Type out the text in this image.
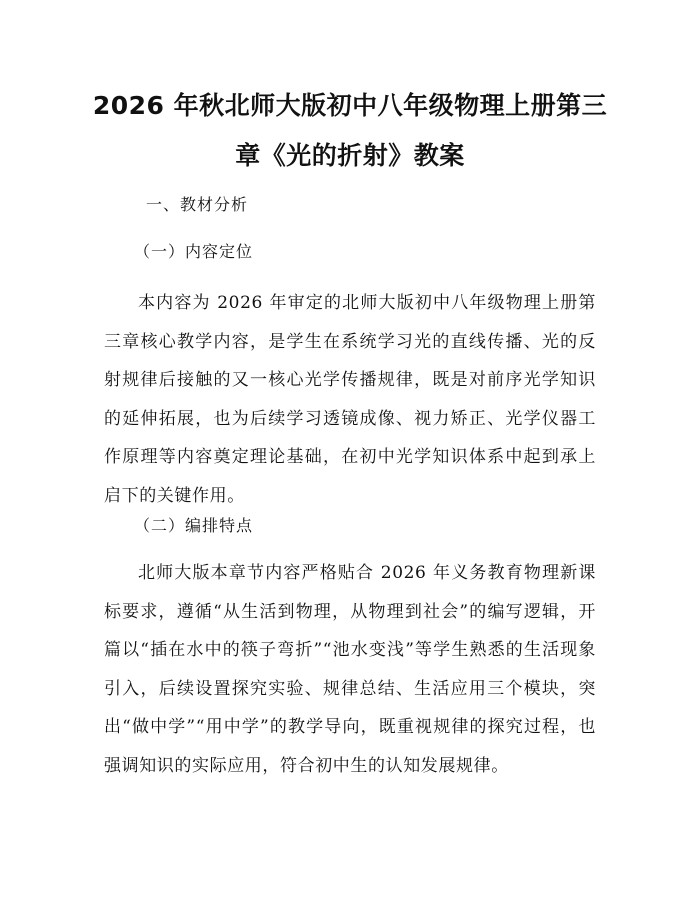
2026 年秋北师大版初中八年级物理上册第三
章《光的折射》教案
一、教材分析
（一）内容定位

本内容为 2026 年审定的北师大版初中八年级物理上册第三章核心教学内容，是学生在系统学习光的直线传播、光的反射规律后接触的又一核心光学传播规律，既是对前序光学知识的延伸拓展，也为后续学习透镜成像、视力矫正、光学仪器工作原理等内容奠定理论基础，在初中光学知识体系中起到承上启下的关键作用。

（二）编排特点

北师大版本章节内容严格贴合 2026 年义务教育物理新课标要求，遵循“从生活到物理，从物理到社会”的编写逻辑，开篇以“插在水中的筷子弯折”“池水变浅”等学生熟悉的生活现象引入，后续设置探究实验、规律总结、生活应用三个模块，突出“做中学”“用中学”的教学导向，既重视规律的探究过程，也强调知识的实际应用，符合初中生的认知发展规律。
